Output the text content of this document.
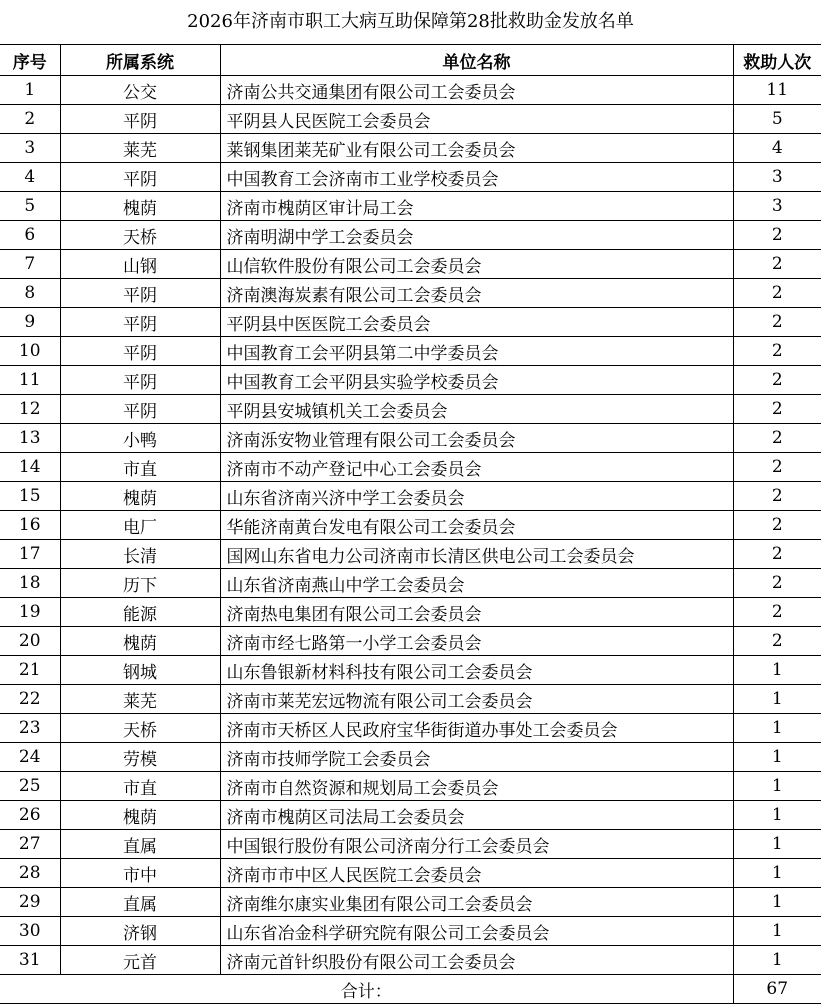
2026年济南市职工大病互助保障第28批救助金发放名单
序号	所属系统	单位名称	救助人次
1	公交	济南公共交通集团有限公司工会委员会	11
2	平阴	平阴县人民医院工会委员会	5
3	莱芜	莱钢集团莱芜矿业有限公司工会委员会	4
4	平阴	中国教育工会济南市工业学校委员会	3
5	槐荫	济南市槐荫区审计局工会	3
6	天桥	济南明湖中学工会委员会	2
7	山钢	山信软件股份有限公司工会委员会	2
8	平阴	济南澳海炭素有限公司工会委员会	2
9	平阴	平阴县中医医院工会委员会	2
10	平阴	中国教育工会平阴县第二中学委员会	2
11	平阴	中国教育工会平阴县实验学校委员会	2
12	平阴	平阴县安城镇机关工会委员会	2
13	小鸭	济南泺安物业管理有限公司工会委员会	2
14	市直	济南市不动产登记中心工会委员会	2
15	槐荫	山东省济南兴济中学工会委员会	2
16	电厂	华能济南黄台发电有限公司工会委员会	2
17	长清	国网山东省电力公司济南市长清区供电公司工会委员会	2
18	历下	山东省济南燕山中学工会委员会	2
19	能源	济南热电集团有限公司工会委员会	2
20	槐荫	济南市经七路第一小学工会委员会	2
21	钢城	山东鲁银新材料科技有限公司工会委员会	1
22	莱芜	济南市莱芜宏远物流有限公司工会委员会	1
23	天桥	济南市天桥区人民政府宝华街街道办事处工会委员会	1
24	劳模	济南市技师学院工会委员会	1
25	市直	济南市自然资源和规划局工会委员会	1
26	槐荫	济南市槐荫区司法局工会委员会	1
27	直属	中国银行股份有限公司济南分行工会委员会	1
28	市中	济南市市中区人民医院工会委员会	1
29	直属	济南维尔康实业集团有限公司工会委员会	1
30	济钢	山东省冶金科学研究院有限公司工会委员会	1
31	元首	济南元首针织股份有限公司工会委员会	1
合计：			67
